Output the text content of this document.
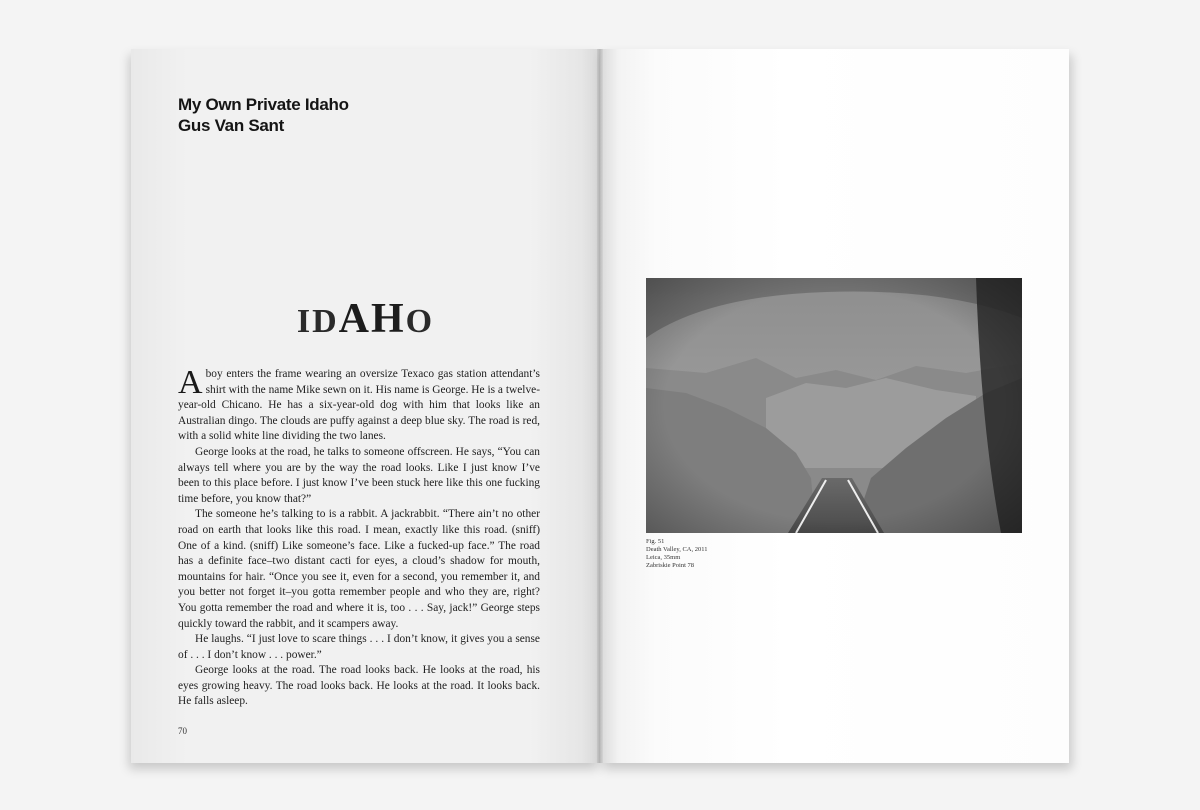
My Own Private Idaho
Gus Van Sant
IDAHO

Aboy enters the frame wearing an oversize Texaco gas station attendant’s shirt with the name Mike sewn on it. His name is George. He is a twelve-year-old Chicano. He has a six-year-old dog with him that looks like an Australian dingo. The clouds are puffy against a deep blue sky. The road is red, with a solid white line dividing the two lanes.

George looks at the road, he talks to someone offscreen. He says, “You can always tell where you are by the way the road looks. Like I just know I’ve been to this place before. I just know I’ve been stuck here like this one fucking time before, you know that?”

The someone he’s talking to is a rabbit. A jackrabbit. “There ain’t no other road on earth that looks like this road. I mean, exactly like this road. (sniff) One of a kind. (sniff) Like someone’s face. Like a fucked-up face.” The road has a definite face–two distant cacti for eyes, a cloud’s shadow for mouth, mountains for hair. “Once you see it, even for a second, you remember it, and you better not forget it–you gotta remember people and who they are, right? You gotta remember the road and where it is, too . . . Say, jack!” George steps quickly toward the rabbit, and it scampers away.

He laughs. “I just love to scare things . . . I don’t know, it gives you a sense of . . . I don’t know . . . power.”

George looks at the road. The road looks back. He looks at the road, his eyes growing heavy. The road looks back. He looks at the road. It looks back. He falls asleep.

70
Fig. 51
Death Valley, CA, 2011
Leica, 35mm
Zabriskie Point 78
